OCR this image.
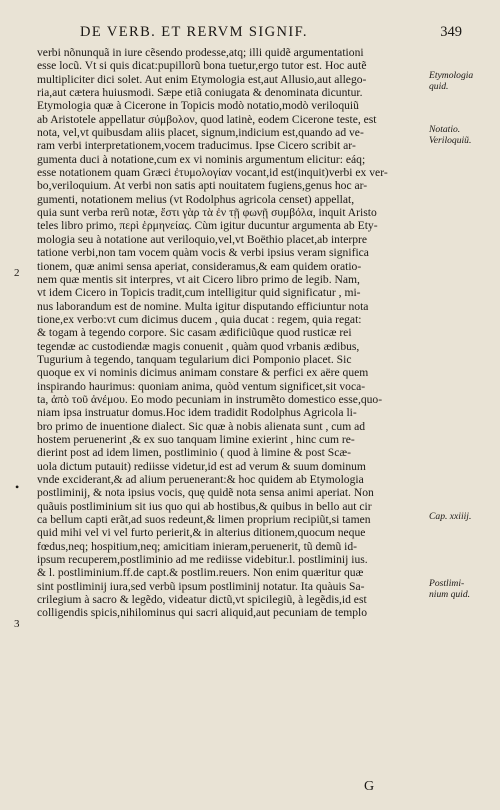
DE VERB. ET RERVM SIGNIF.	349
verbi nõnunquã in iure cẽsendo prodesse,atq; illi quidẽ argumentationi
esse locũ. Vt si quis dicat:pupillorũ bona tuetur,ergo tutor est. Hoc autẽ
multipliciter dici solet. Aut enim Etymologia est,aut Allusio,aut allego-
ria,aut cætera huiusmodi. Sæpe etiã coniugata & denominata dicuntur.
Etymologia quæ à Cicerone in Topicis modò notatio,modò veriloquiũ
ab Aristotele appellatur σύμβολον, quod latinè, eodem Cicerone teste, est
nota, vel,vt quibusdam aliis placet, signum,indicium est,quando ad ve-
ram verbi interpretationem,vocem traducimus. Ipse Cicero scribit ar-
gumenta duci à notatione,cum ex vi nominis argumentum elicitur: eáq;
esse notationem quam Græci ἐτυμολογίαν vocant,id est(inquit)verbi ex ver-
bo,veriloquium. At verbi non satis apti nouitatem fugiens,genus hoc ar-
gumenti, notationem melius (vt Rodolphus agricola censet) appellat,
quia sunt verba rerũ notæ, ἔστι γὰρ τὰ ἐν τῇ φωνῇ συμβόλα, inquit Aristo
teles libro primo, περὶ ἑρμηνείας. Cùm igitur ducuntur argumenta ab Ety-
mologia seu à notatione aut veriloquio,vel,vt Boëthio placet,ab interpre
tatione verbi,non tam vocem quàm vocis & verbi ipsius veram significa
tionem, quæ animi sensa aperiat, consideramus,& eam quidem oratio-
nem quæ mentis sit interpres, vt ait Cicero libro primo de legib. Nam,
vt idem Cicero in Topicis tradit,cum intelligitur quid significatur , mi-
nus laborandum est de nomine. Multa igitur disputando efficiuntur nota
tione,ex verbo:vt cum dicimus ducem , quia ducat : regem, quia regat:
& togam à tegendo corpore. Sic casam ædificiũque quod rusticæ rei
tegendæ ac custodiendæ magis conuenit , quàm quod vrbanis ædibus,
Tugurium à tegendo, tanquam tegularium dici Pomponio placet. Sic
quoque ex vi nominis dicimus animam constare & perfici ex aëre quem
inspirando haurimus: quoniam anima, quòd ventum significet,sit voca-
ta, ἀπὸ τοῦ ἀνέμου. Eo modo pecuniam in instrumẽto domestico esse,quo-
niam ipsa instruatur domus.Hoc idem tradidit Rodolphus Agricola li-
bro primo de inuentione dialect. Sic quæ à nobis alienata sunt , cum ad
hostem peruenerint ,& ex suo tanquam limine exierint , hinc cum re-
dierint post ad idem limen, postliminio ( quod à limine & post Scæ-
uola dictum putauit) rediisse videtur,id est ad verum & suum dominum
vnde exciderant,& ad alium peruenerant:& hoc quidem ab Etymologia
postliminij, & nota ipsius vocis, quę quidẽ nota sensa animi aperiat. Non
quãuis postliminium sit ius quo qui ab hostibus,& quibus in bello aut cir
ca bellum capti erãt,ad suos redeunt,& limen proprium recipiũt,si tamen
quid mihi vel vi vel furto perierit,& in alterius ditionem,quocum neque
fœdus,neq; hospitium,neq; amicitiam inieram,peruenerit, tũ demũ id-
ipsum recuperem,postliminio ad me rediisse videbitur.l. postliminij ius.
& l. postliminium.ff.de capt.& postlim.reuers. Non enim quæritur quæ
sint postliminij iura,sed verbũ ipsum postliminij notatur. Ita quàuis Sa-
crilegium à sacro & legẽdo, videatur dictũ,vt spicilegiũ, à legẽdis,id est
colligendis spicis,nihilominus qui sacri aliquid,aut pecuniam de templo
Etymologia
quid.
Notatio.
Veriloquiũ.
Cap. xxiiij.
Postlimi-
nium quid.
2
3
•
G
